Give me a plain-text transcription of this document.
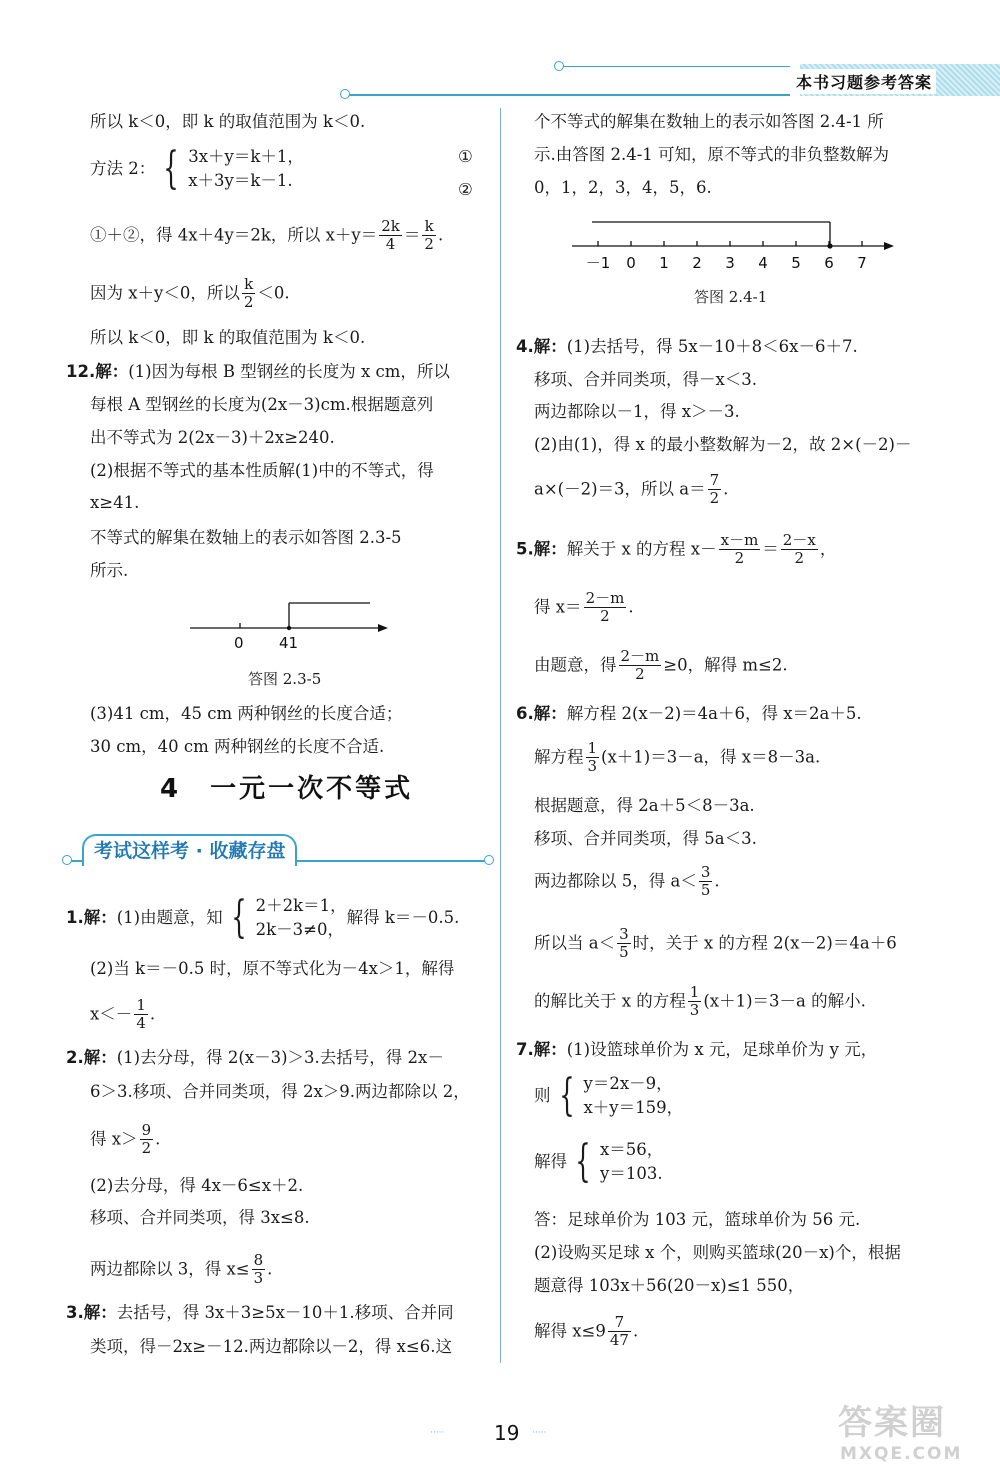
本书习题参考答案
所以 k＜0，即 k 的取值范围为 k＜0.
方法 2： { 3x＋y＝k＋1，
x＋3y＝k－1.
①
②
①＋②，得 4x＋4y＝2k，所以 $x+y= \frac{2k}{4} = \frac{k}{2}$ .
因为 x＋y＜0，所以 $\frac{k}{2} <0$.
所以 k＜0，即 k 的取值范围为 k＜0.
12.解：(1)因为每根 B 型钢丝的长度为 x cm，所以
每根 A 型钢丝的长度为(2x－3)cm.根据题意列
出不等式为 2(2x－3)＋2x≥240.
(2)根据不等式的基本性质解(1)中的不等式，得
x≥41.
不等式的解集在数轴上的表示如答图 2.3-5
所示.
0 41
答图 2.3-5
(3)41 cm，45 cm 两种钢丝的长度合适；
30 cm，40 cm 两种钢丝的长度不合适.
4　一元一次不等式
考试这样考 · 收藏存盘
1.解： (1)由题意，知 { 2＋2k＝1，
2k－3≠0，
解得 k＝－0.5.
(2)当 k＝－0.5 时，原不等式化为－4x＞1，解得
$x<- \frac{1}{4}$ .
2.解：(1)去分母，得 2(x－3)＞3.去括号，得 2x－
6＞3.移项、合并同类项，得 2x＞9.两边都除以 2，
得 $x> \frac{9}{2}$ .
(2)去分母，得 4x－6≤x＋2.
移项、合并同类项，得 3x≤8.
两边都除以 3，得 $x\le \frac{8}{3}$ .
3.解：去括号，得 3x＋3≥5x－10＋1.移项、合并同
类项，得－2x≥－12.两边都除以－2，得 x≤6.这
个不等式的解集在数轴上的表示如答图 2.4-1 所
示.由答图 2.4-1 可知，原不等式的非负整数解为
0，1，2，3，4，5，6.
－1 0 1 2 3 4 5 6 7
答图 2.4-1
4.解：(1)去括号，得 5x－10＋8＜6x－6＋7.
移项、合并同类项，得－x＜3.
两边都除以－1，得 x＞－3.
(2)由(1)，得 x 的最小整数解为－2，故 2×(－2)－
a×(－2)＝3，所以 $a= \frac{7}{2}$ .
5.解：解关于 x 的方程 $x- \frac{x-m}{2} = \frac{2-x}{2}$ ，
得 $x= \frac{2-m}{2}$ .
由题意，得 $\frac{2-m}{2} \ge 0$，解得 m≤2.
6.解：解方程 2(x－2)＝4a＋6，得 x＝2a＋5.
解方程 $\frac{1}{3} (x+1)=3-a$，得 x＝8－3a.
根据题意，得 2a＋5＜8－3a.
移项、合并同类项，得 5a＜3.
两边都除以 5，得 $a< \frac{3}{5}$ .
所以当 $a< \frac{3}{5}$ 时，关于 x 的方程 2(x－2)＝4a＋6
的解比关于 x 的方程 $\frac{1}{3} (x+1)=3-a$ 的解小.
7.解：(1)设篮球单价为 x 元，足球单价为 y 元，
则 { y＝2x－9，
x＋y＝159，
解得 { x＝56，
y＝103.
答：足球单价为 103 元，篮球单价为 56 元.
(2)设购买足球 x 个，则购买篮球(20－x)个，根据
题意得 103x＋56(20－x)≤1 550，
解得 $x\le 9 \frac{7}{47}$ .
····· 19 ·····	答案圈
MXQE.COM
